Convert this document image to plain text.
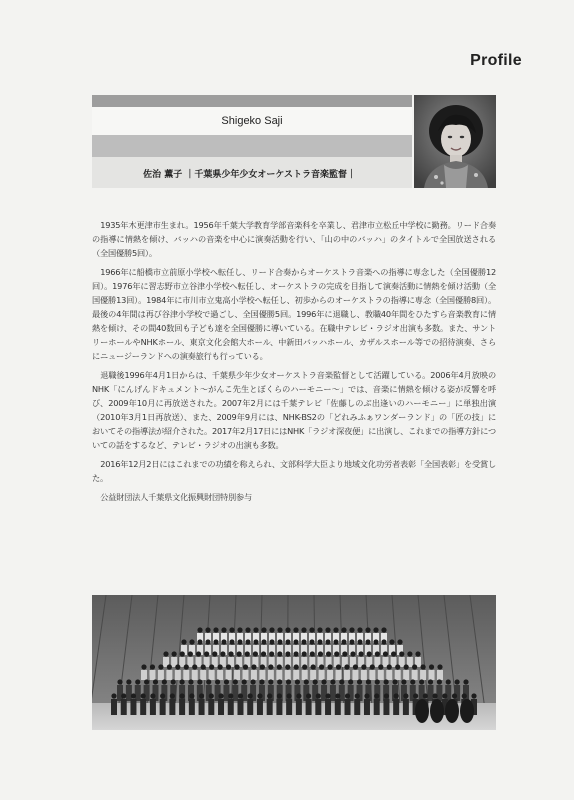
Profile
Shigeko Saji
佐治 薫子 ｜千葉県少年少女オーケストラ音楽監督｜

1935年木更津市生まれ。1956年千葉大学教育学部音楽科を卒業し、君津市立松丘中学校に勤務。リード合奏の指導に情熱を傾け、バッハの音楽を中心に演奏活動を行い、「山の中のバッハ」のタイトルで全国放送される（全国優勝5回）。

1966年に船橋市立前原小学校へ転任し、リード合奏からオーケストラ音楽への指導に専念した（全国優勝12回）。1976年に習志野市立谷津小学校へ転任し、オーケストラの完成を目指して演奏活動に情熱を傾け活動（全国優勝13回）。1984年に市川市立鬼高小学校へ転任し、初歩からのオーケストラの指導に専念（全国優勝8回）。最後の4年間は再び谷津小学校で過ごし、全国優勝5回。1996年に退職し、教職40年間をひたすら音楽教育に情熱を傾け、その間40数回も子ども達を全国優勝に導いている。在職中テレビ・ラジオ出演も多数。また、サントリーホールやNHKホール、東京文化会館大ホール、中新田バッハホール、カザルスホール等での招待演奏、さらにニュージーランドへの演奏旅行も行っている。

退職後1996年4月1日からは、千葉県少年少女オーケストラ音楽監督として活躍している。2006年4月放映のNHK「にんげんドキュメント～がんこ先生とぼくらのハーモニー～」では、音楽に情熱を傾ける姿が反響を呼び、2009年10月に再放送された。2007年2月には千葉テレビ「佐藤しのぶ出逢いのハーモニー」に単独出演（2010年3月1日再放送）、また、2009年9月には、NHK-BS2の「どれみふぁワンダーランド」の「匠の技」においてその指導法が紹介された。2017年2月17日にはNHK「ラジオ深夜便」に出演し、これまでの指導方針についての話をするなど、テレビ・ラジオの出演も多数。

2016年12月2日にはこれまでの功績を称えられ、文部科学大臣より地域文化功労者表彰「全国表彰」を受賞した。

公益財団法人千葉県文化振興財団特別参与
